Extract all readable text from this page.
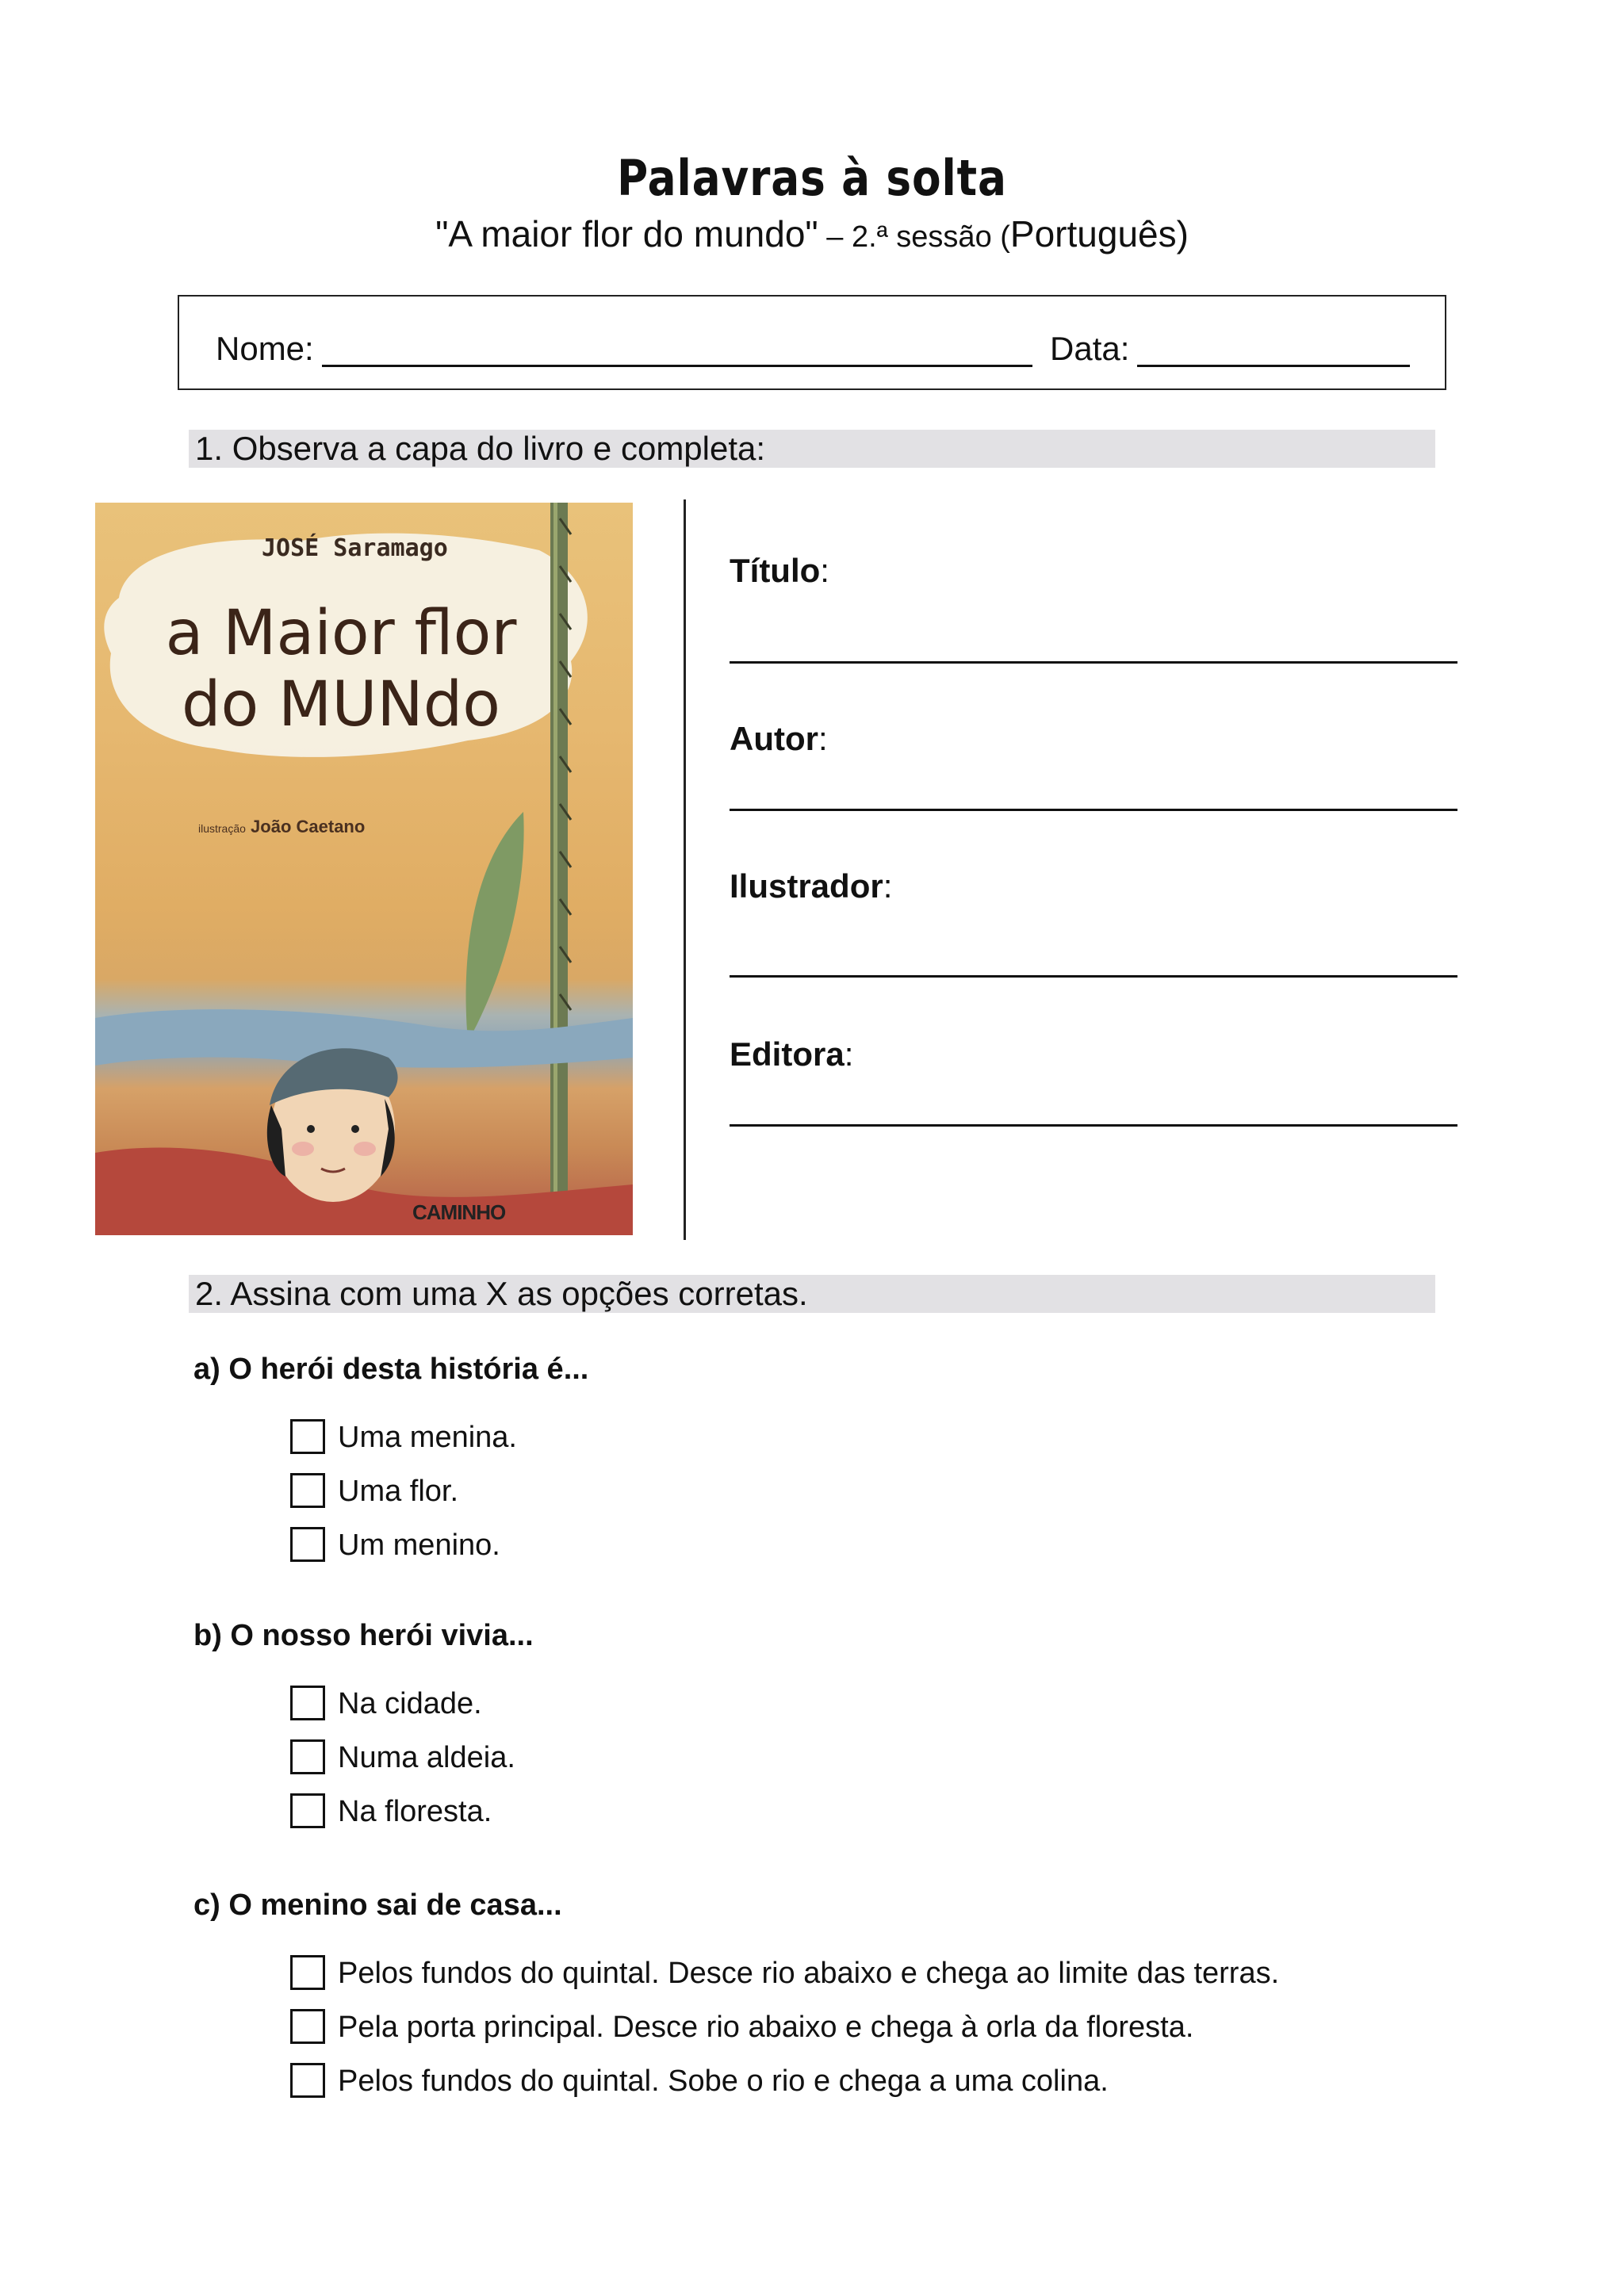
Palavras à solta
"A maior flor do mundo" – 2.ª sessão (Português)
Nome:	Data:
1. Observa a capa do livro e completa:
JOSÉ Saramago
a Maior flor
do MUNdo
ilustração João Caetano
CAMINHO
Título:
Autor:
Ilustrador:
Editora:
2. Assina com uma X as opções corretas.
a) O herói desta história é...
Uma menina.
Uma flor.
Um menino.
b) O nosso herói vivia...
Na cidade.
Numa aldeia.
Na floresta.
c) O menino sai de casa...
Pelos fundos do quintal. Desce rio abaixo e chega ao limite das terras.
Pela porta principal. Desce rio abaixo e chega à orla da floresta.
Pelos fundos do quintal. Sobe o rio e chega a uma colina.
